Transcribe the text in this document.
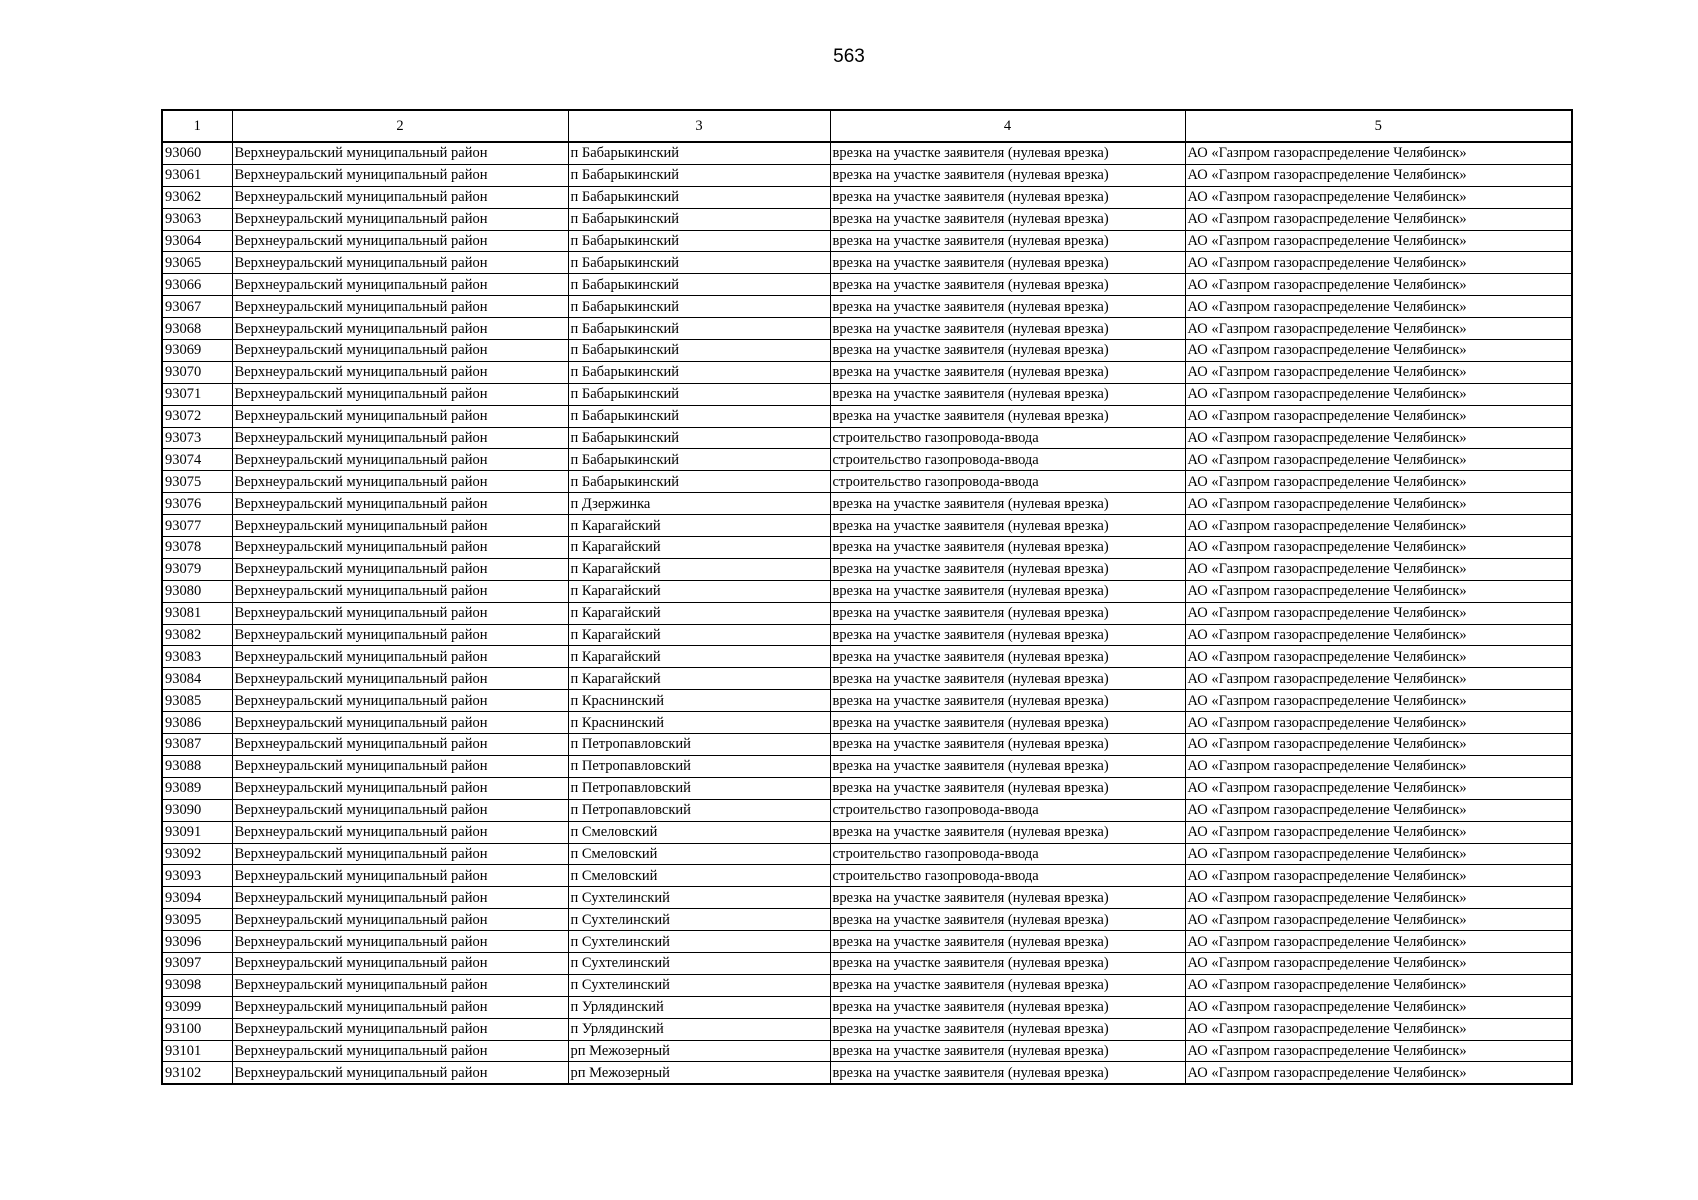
563
1	2	3	4	5
93060	Верхнеуральский муниципальный район	п Бабарыкинский	врезка на участке заявителя (нулевая врезка)	АО «Газпром газораспределение Челябинск»
93061	Верхнеуральский муниципальный район	п Бабарыкинский	врезка на участке заявителя (нулевая врезка)	АО «Газпром газораспределение Челябинск»
93062	Верхнеуральский муниципальный район	п Бабарыкинский	врезка на участке заявителя (нулевая врезка)	АО «Газпром газораспределение Челябинск»
93063	Верхнеуральский муниципальный район	п Бабарыкинский	врезка на участке заявителя (нулевая врезка)	АО «Газпром газораспределение Челябинск»
93064	Верхнеуральский муниципальный район	п Бабарыкинский	врезка на участке заявителя (нулевая врезка)	АО «Газпром газораспределение Челябинск»
93065	Верхнеуральский муниципальный район	п Бабарыкинский	врезка на участке заявителя (нулевая врезка)	АО «Газпром газораспределение Челябинск»
93066	Верхнеуральский муниципальный район	п Бабарыкинский	врезка на участке заявителя (нулевая врезка)	АО «Газпром газораспределение Челябинск»
93067	Верхнеуральский муниципальный район	п Бабарыкинский	врезка на участке заявителя (нулевая врезка)	АО «Газпром газораспределение Челябинск»
93068	Верхнеуральский муниципальный район	п Бабарыкинский	врезка на участке заявителя (нулевая врезка)	АО «Газпром газораспределение Челябинск»
93069	Верхнеуральский муниципальный район	п Бабарыкинский	врезка на участке заявителя (нулевая врезка)	АО «Газпром газораспределение Челябинск»
93070	Верхнеуральский муниципальный район	п Бабарыкинский	врезка на участке заявителя (нулевая врезка)	АО «Газпром газораспределение Челябинск»
93071	Верхнеуральский муниципальный район	п Бабарыкинский	врезка на участке заявителя (нулевая врезка)	АО «Газпром газораспределение Челябинск»
93072	Верхнеуральский муниципальный район	п Бабарыкинский	врезка на участке заявителя (нулевая врезка)	АО «Газпром газораспределение Челябинск»
93073	Верхнеуральский муниципальный район	п Бабарыкинский	строительство газопровода-ввода	АО «Газпром газораспределение Челябинск»
93074	Верхнеуральский муниципальный район	п Бабарыкинский	строительство газопровода-ввода	АО «Газпром газораспределение Челябинск»
93075	Верхнеуральский муниципальный район	п Бабарыкинский	строительство газопровода-ввода	АО «Газпром газораспределение Челябинск»
93076	Верхнеуральский муниципальный район	п Дзержинка	врезка на участке заявителя (нулевая врезка)	АО «Газпром газораспределение Челябинск»
93077	Верхнеуральский муниципальный район	п Карагайский	врезка на участке заявителя (нулевая врезка)	АО «Газпром газораспределение Челябинск»
93078	Верхнеуральский муниципальный район	п Карагайский	врезка на участке заявителя (нулевая врезка)	АО «Газпром газораспределение Челябинск»
93079	Верхнеуральский муниципальный район	п Карагайский	врезка на участке заявителя (нулевая врезка)	АО «Газпром газораспределение Челябинск»
93080	Верхнеуральский муниципальный район	п Карагайский	врезка на участке заявителя (нулевая врезка)	АО «Газпром газораспределение Челябинск»
93081	Верхнеуральский муниципальный район	п Карагайский	врезка на участке заявителя (нулевая врезка)	АО «Газпром газораспределение Челябинск»
93082	Верхнеуральский муниципальный район	п Карагайский	врезка на участке заявителя (нулевая врезка)	АО «Газпром газораспределение Челябинск»
93083	Верхнеуральский муниципальный район	п Карагайский	врезка на участке заявителя (нулевая врезка)	АО «Газпром газораспределение Челябинск»
93084	Верхнеуральский муниципальный район	п Карагайский	врезка на участке заявителя (нулевая врезка)	АО «Газпром газораспределение Челябинск»
93085	Верхнеуральский муниципальный район	п Краснинский	врезка на участке заявителя (нулевая врезка)	АО «Газпром газораспределение Челябинск»
93086	Верхнеуральский муниципальный район	п Краснинский	врезка на участке заявителя (нулевая врезка)	АО «Газпром газораспределение Челябинск»
93087	Верхнеуральский муниципальный район	п Петропавловский	врезка на участке заявителя (нулевая врезка)	АО «Газпром газораспределение Челябинск»
93088	Верхнеуральский муниципальный район	п Петропавловский	врезка на участке заявителя (нулевая врезка)	АО «Газпром газораспределение Челябинск»
93089	Верхнеуральский муниципальный район	п Петропавловский	врезка на участке заявителя (нулевая врезка)	АО «Газпром газораспределение Челябинск»
93090	Верхнеуральский муниципальный район	п Петропавловский	строительство газопровода-ввода	АО «Газпром газораспределение Челябинск»
93091	Верхнеуральский муниципальный район	п Смеловский	врезка на участке заявителя (нулевая врезка)	АО «Газпром газораспределение Челябинск»
93092	Верхнеуральский муниципальный район	п Смеловский	строительство газопровода-ввода	АО «Газпром газораспределение Челябинск»
93093	Верхнеуральский муниципальный район	п Смеловский	строительство газопровода-ввода	АО «Газпром газораспределение Челябинск»
93094	Верхнеуральский муниципальный район	п Сухтелинский	врезка на участке заявителя (нулевая врезка)	АО «Газпром газораспределение Челябинск»
93095	Верхнеуральский муниципальный район	п Сухтелинский	врезка на участке заявителя (нулевая врезка)	АО «Газпром газораспределение Челябинск»
93096	Верхнеуральский муниципальный район	п Сухтелинский	врезка на участке заявителя (нулевая врезка)	АО «Газпром газораспределение Челябинск»
93097	Верхнеуральский муниципальный район	п Сухтелинский	врезка на участке заявителя (нулевая врезка)	АО «Газпром газораспределение Челябинск»
93098	Верхнеуральский муниципальный район	п Сухтелинский	врезка на участке заявителя (нулевая врезка)	АО «Газпром газораспределение Челябинск»
93099	Верхнеуральский муниципальный район	п Урлядинский	врезка на участке заявителя (нулевая врезка)	АО «Газпром газораспределение Челябинск»
93100	Верхнеуральский муниципальный район	п Урлядинский	врезка на участке заявителя (нулевая врезка)	АО «Газпром газораспределение Челябинск»
93101	Верхнеуральский муниципальный район	рп Межозерный	врезка на участке заявителя (нулевая врезка)	АО «Газпром газораспределение Челябинск»
93102	Верхнеуральский муниципальный район	рп Межозерный	врезка на участке заявителя (нулевая врезка)	АО «Газпром газораспределение Челябинск»
